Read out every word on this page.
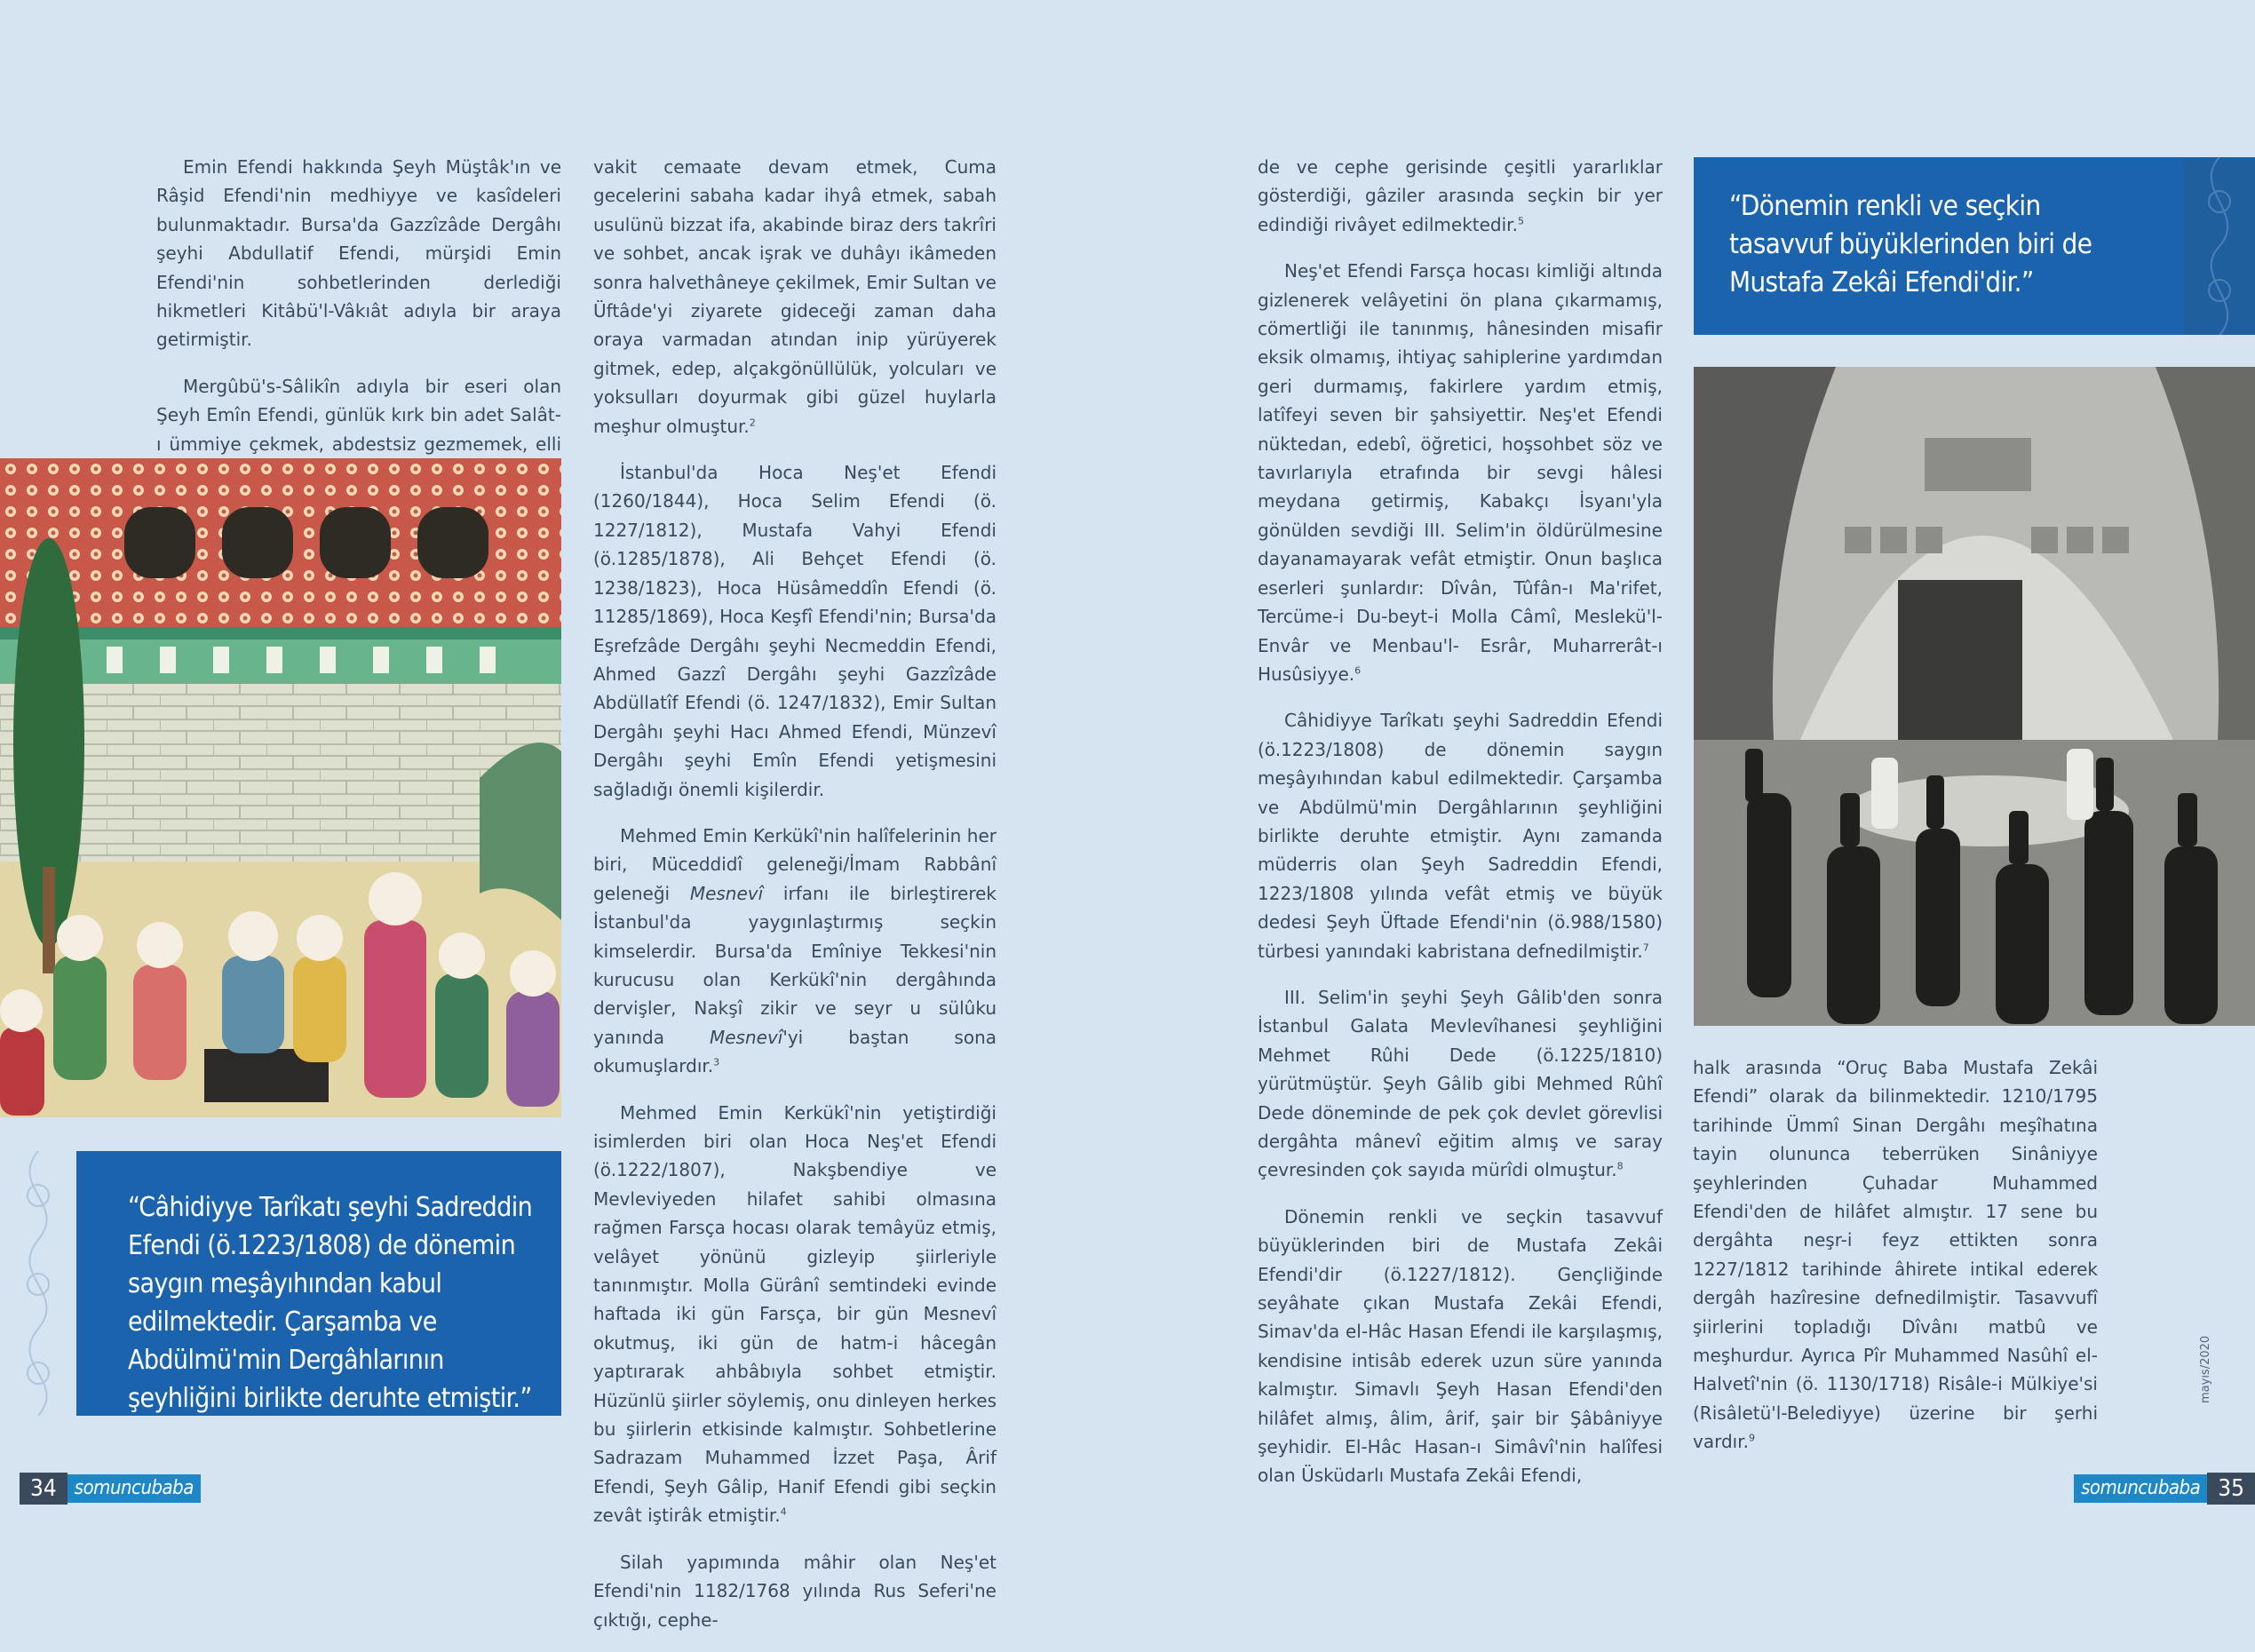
Emin Efendi hakkında Şeyh Müştâk'ın ve Râşid Efendi'nin medhiyye ve kasîdeleri bulunmaktadır. Bursa'da Gazzîzâde Dergâhı şeyhi Abdullatif Efendi, mürşidi Emin Efendi'nin sohbetlerinden derlediği hikmetleri Kitâbü'l-Vâkıât adıyla bir araya getirmiştir.

Mergûbü's-Sâlikîn adıyla bir eseri olan Şeyh Emîn Efendi, günlük kırk bin adet Salât-ı ümmiye çekmek, abdestsiz gezmemek, elli

“Câhidiyye Tarîkatı şeyhi Sadreddin Efendi (ö.1223/1808) de dönemin saygın meşâyıhından kabul edilmektedir. Çarşamba ve Abdülmü'min Dergâhlarının şeyhliğini birlikte deruhte etmiştir.”

vakit cemaate devam etmek, Cuma gecelerini sabaha kadar ihyâ etmek, sabah usulünü bizzat ifa, akabinde biraz ders takrîri ve sohbet, ancak işrak ve duhâyı ikâmeden sonra halvethâneye çekilmek, Emir Sultan ve Üftâde'yi ziyarete gideceği zaman daha oraya varmadan atından inip yürüyerek gitmek, edep, alçakgönüllülük, yolcuları ve yoksulları doyurmak gibi güzel huylarla meşhur olmuştur.$^2$

İstanbul'da Hoca Neş'et Efendi (1260/1844), Hoca Selim Efendi (ö. 1227/1812), Mustafa Vahyi Efendi (ö.1285/1878), Ali Behçet Efendi (ö. 1238/1823), Hoca Hüsâmeddîn Efendi (ö. 11285/1869), Hoca Keşfî Efendi'nin; Bursa'da Eşrefzâde Dergâhı şeyhi Necmeddin Efendi, Ahmed Gazzî Dergâhı şeyhi Gazzîzâde Abdüllatîf Efendi (ö. 1247/1832), Emir Sultan Dergâhı şeyhi Hacı Ahmed Efendi, Münzevî Dergâhı şeyhi Emîn Efendi yetişmesini sağladığı önemli kişilerdir.

Mehmed Emin Kerkükî'nin halîfelerinin her biri, Müceddidî geleneği/İmam Rabbânî geleneği Mesnevî irfanı ile birleştirerek İstanbul'da yaygınlaştırmış seçkin kimselerdir. Bursa'da Emîniye Tekkesi'nin kurucusu olan Kerkükî'nin dergâhında dervişler, Nakşî zikir ve seyr u sülûku yanında Mesnevî'yi baştan sona okumuşlardır.$^3$

Mehmed Emin Kerkükî'nin yetiştirdiği isimlerden biri olan Hoca Neş'et Efendi (ö.1222/1807), Nakşbendiye ve Mevleviyeden hilafet sahibi olmasına rağmen Farsça hocası olarak temâyüz etmiş, velâyet yönünü gizleyip şiirleriyle tanınmıştır. Molla Gürânî semtindeki evinde haftada iki gün Farsça, bir gün Mesnevî okutmuş, iki gün de hatm-i hâcegân yaptırarak ahbâbıyla sohbet etmiştir. Hüzünlü şiirler söylemiş, onu dinleyen herkes bu şiirlerin etkisinde kalmıştır. Sohbetlerine Sadrazam Muhammed İzzet Paşa, Ârif Efendi, Şeyh Gâlip, Hanif Efendi gibi seçkin zevât iştirâk etmiştir.$^4$

Silah yapımında mâhir olan Neş'et Efendi'nin 1182/1768 yılında Rus Seferi'ne çıktığı, cephe-

34 somuncubaba

de ve cephe gerisinde çeşitli yararlıklar gösterdiği, gâziler arasında seçkin bir yer edindiği rivâyet edilmektedir.$^5$

Neş'et Efendi Farsça hocası kimliği altında gizlenerek velâyetini ön plana çıkarmamış, cömertliği ile tanınmış, hânesinden misafir eksik olmamış, ihtiyaç sahiplerine yardımdan geri durmamış, fakirlere yardım etmiş, latîfeyi seven bir şahsiyettir. Neş'et Efendi nüktedan, edebî, öğretici, hoşsohbet söz ve tavırlarıyla etrafında bir sevgi hâlesi meydana getirmiş, Kabakçı İsyanı'yla gönülden sevdiği III. Selim'in öldürülmesine dayanamayarak vefât etmiştir. Onun başlıca eserleri şunlardır: Dîvân, Tûfân-ı Ma'rifet, Tercüme-i Du-beyt-i Molla Câmî, Meslekü'l-Envâr ve Menbau'l- Esrâr, Muharrerât-ı Husûsiyye.$^6$

Câhidiyye Tarîkatı şeyhi Sadreddin Efendi (ö.1223/1808) de dönemin saygın meşâyıhından kabul edilmektedir. Çarşamba ve Abdülmü'min Dergâhlarının şeyhliğini birlikte deruhte etmiştir. Aynı zamanda müderris olan Şeyh Sadreddin Efendi, 1223/1808 yılında vefât etmiş ve büyük dedesi Şeyh Üftade Efendi'nin (ö.988/1580) türbesi yanındaki kabristana defnedilmiştir.$^7$

III. Selim'in şeyhi Şeyh Gâlib'den sonra İstanbul Galata Mevlevîhanesi şeyhliğini Mehmet Rûhi Dede (ö.1225/1810) yürütmüştür. Şeyh Gâlib gibi Mehmed Rûhî Dede döneminde de pek çok devlet görevlisi dergâhta mânevî eğitim almış ve saray çevresinden çok sayıda mürîdi olmuştur.$^8$

Dönemin renkli ve seçkin tasavvuf büyüklerinden biri de Mustafa Zekâi Efendi'dir (ö.1227/1812). Gençliğinde seyâhate çıkan Mustafa Zekâi Efendi, Simav'da el-Hâc Hasan Efendi ile karşılaşmış, kendisine intisâb ederek uzun süre yanında kalmıştır. Simavlı Şeyh Hasan Efendi'den hilâfet almış, âlim, ârif, şair bir Şâbâniyye şeyhidir. El-Hâc Hasan-ı Simâvî'nin halîfesi olan Üsküdarlı Mustafa Zekâi Efendi,

“Dönemin renkli ve seçkin tasavvuf büyüklerinden biri de Mustafa Zekâi Efendi'dir.”

halk arasında “Oruç Baba Mustafa Zekâi Efendi” olarak da bilinmektedir. 1210/1795 tarihinde Ümmî Sinan Dergâhı meşîhatına tayin olununca teberrüken Sinâniyye şeyhlerinden Çuhadar Muhammed Efendi'den de hilâfet almıştır. 17 sene bu dergâhta neşr-i feyz ettikten sonra 1227/1812 tarihinde âhirete intikal ederek dergâh hazîresine defnedilmiştir. Tasavvufî şiirlerini topladığı Dîvânı matbû ve meşhurdur. Ayrıca Pîr Muhammed Nasûhî el-Halvetî'nin (ö. 1130/1718) Risâle-i Mülkiye'si (Risâletü'l-Belediyye) üzerine bir şerhi vardır.$^9$

mayıs/2020
somuncubaba 35
